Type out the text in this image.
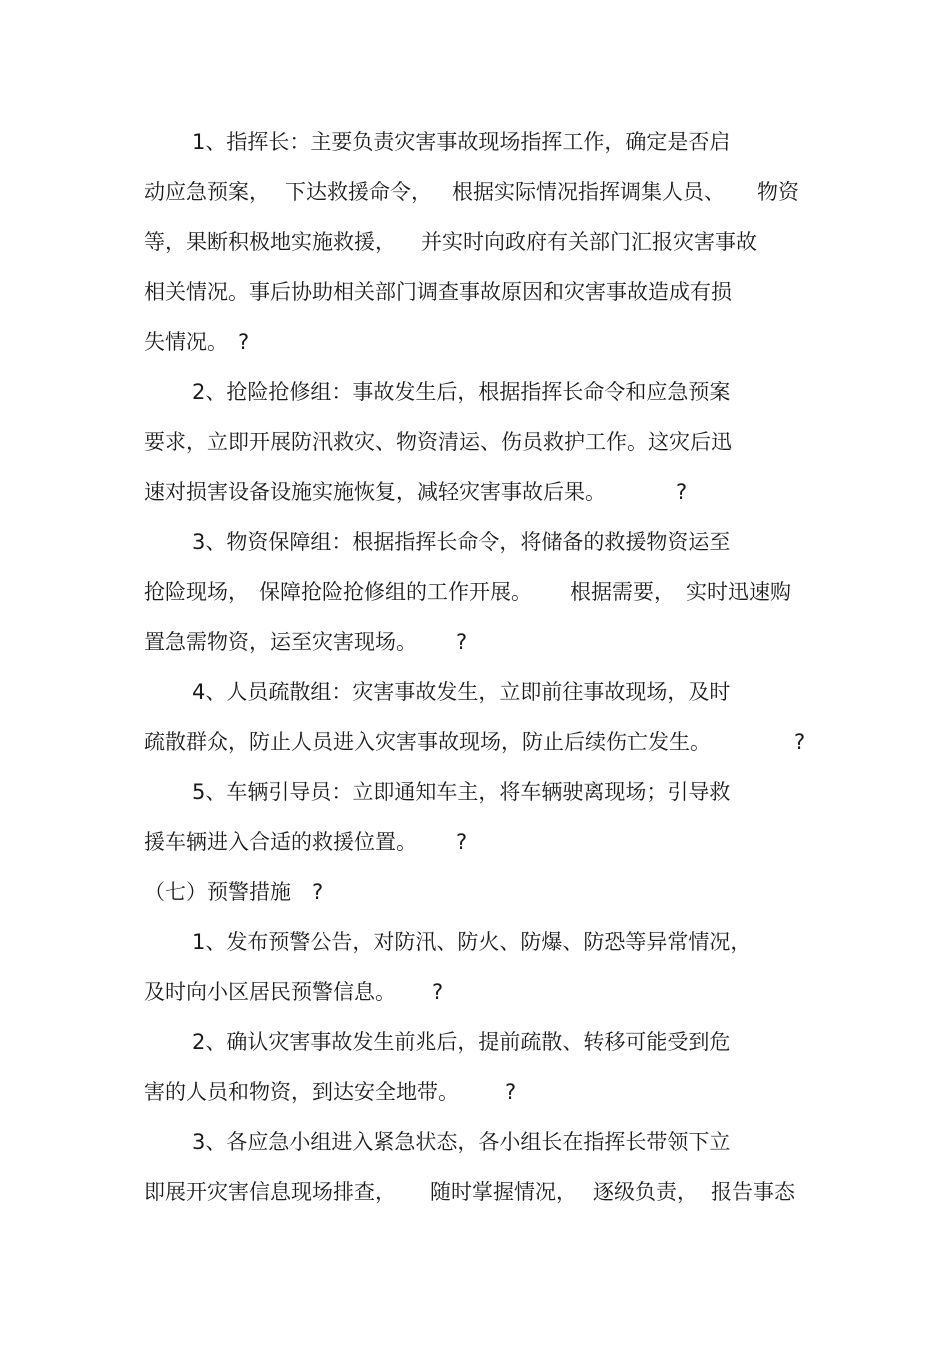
1、指挥长：主要负责灾害事故现场指挥工作，确定是否启

动应急预案，

下达救援命令，

根据实际情况指挥调集人员、

物资

等，果断积极地实施救援，

并实时向政府有关部门汇报灾害事故

相关情况。事后协助相关部门调查事故原因和灾害事故造成有损

失情况。

?

2、抢险抢修组：事故发生后，根据指挥长命令和应急预案

要求，立即开展防汛救灾、物资清运、伤员救护工作。这灾后迅

速对损害设备设施实施恢复，减轻灾害事故后果。

	?

3、物资保障组：根据指挥长命令，将储备的救援物资运至

抢险现场，

保障抢险抢修组的工作开展。

根据需要，

实时迅速购

置急需物资，运至灾害现场。

?

4、人员疏散组：灾害事故发生，立即前往事故现场，及时

疏散群众，防止人员进入灾害事故现场，防止后续伤亡发生。

	?

5、车辆引导员：立即通知车主，将车辆驶离现场；引导救

援车辆进入合适的救援位置。

?

（七）预警措施

?

1、发布预警公告，对防汛、防火、防爆、防恐等异常情况，

及时向小区居民预警信息。

?

2、确认灾害事故发生前兆后，提前疏散、转移可能受到危

害的人员和物资，到达安全地带。

?

3、各应急小组进入紧急状态，各小组长在指挥长带领下立

即展开灾害信息现场排查，

随时掌握情况，

逐级负责，

报告事态
